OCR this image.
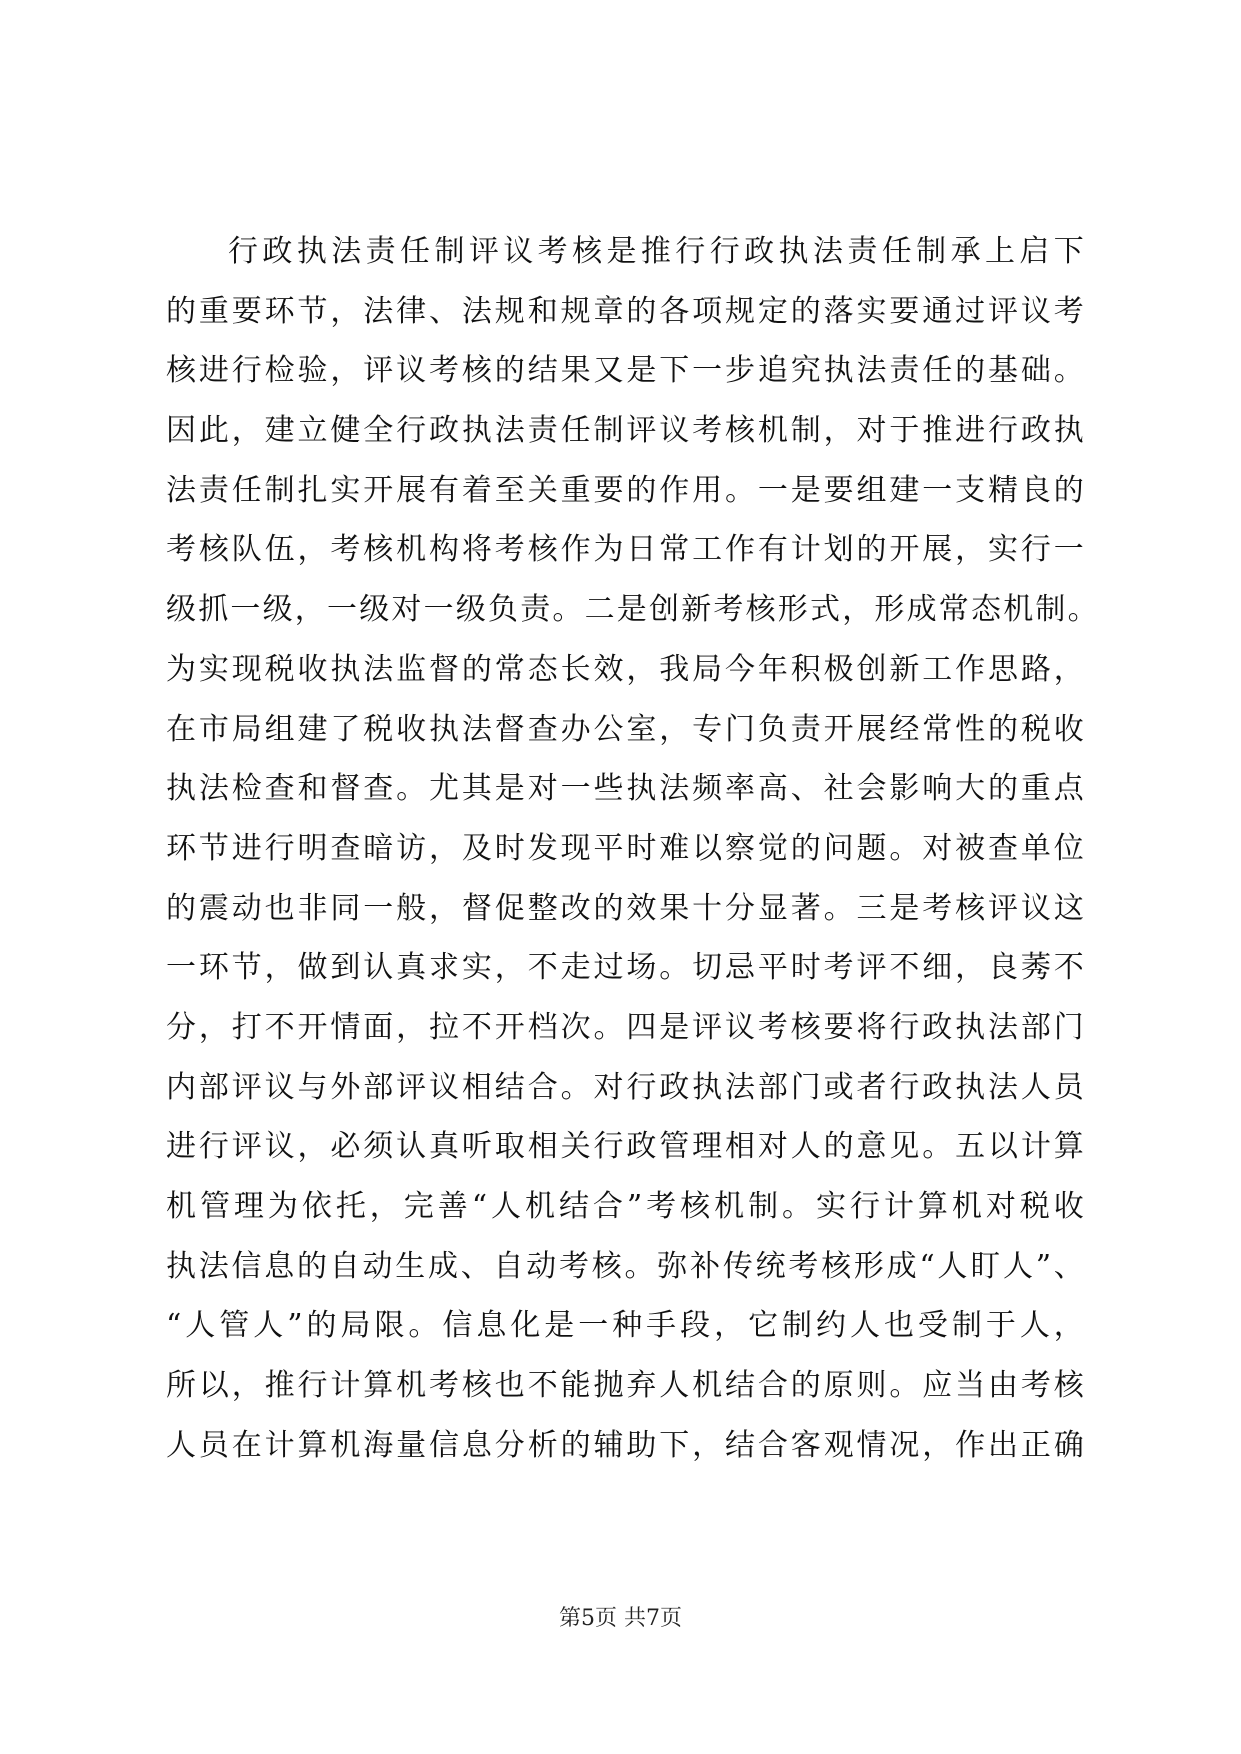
行政执法责任制评议考核是推行行政执法责任制承上启下
的重要环节，法律、法规和规章的各项规定的落实要通过评议考
核进行检验，评议考核的结果又是下一步追究执法责任的基础。
因此，建立健全行政执法责任制评议考核机制，对于推进行政执
法责任制扎实开展有着至关重要的作用。一是要组建一支精良的
考核队伍，考核机构将考核作为日常工作有计划的开展，实行一
级抓一级，一级对一级负责。二是创新考核形式，形成常态机制。
为实现税收执法监督的常态长效，我局今年积极创新工作思路，
在市局组建了税收执法督查办公室，专门负责开展经常性的税收
执法检查和督查。尤其是对一些执法频率高、社会影响大的重点
环节进行明查暗访，及时发现平时难以察觉的问题。对被查单位
的震动也非同一般，督促整改的效果十分显著。三是考核评议这
一环节，做到认真求实，不走过场。切忌平时考评不细，良莠不
分，打不开情面，拉不开档次。四是评议考核要将行政执法部门
内部评议与外部评议相结合。对行政执法部门或者行政执法人员
进行评议，必须认真听取相关行政管理相对人的意见。五以计算
机管理为依托，完善“人机结合”考核机制。实行计算机对税收
执法信息的自动生成、自动考核。弥补传统考核形成“人盯人”、
“人管人”的局限。信息化是一种手段，它制约人也受制于人，
所以，推行计算机考核也不能抛弃人机结合的原则。应当由考核
人员在计算机海量信息分析的辅助下，结合客观情况，作出正确
第5页 共7页
